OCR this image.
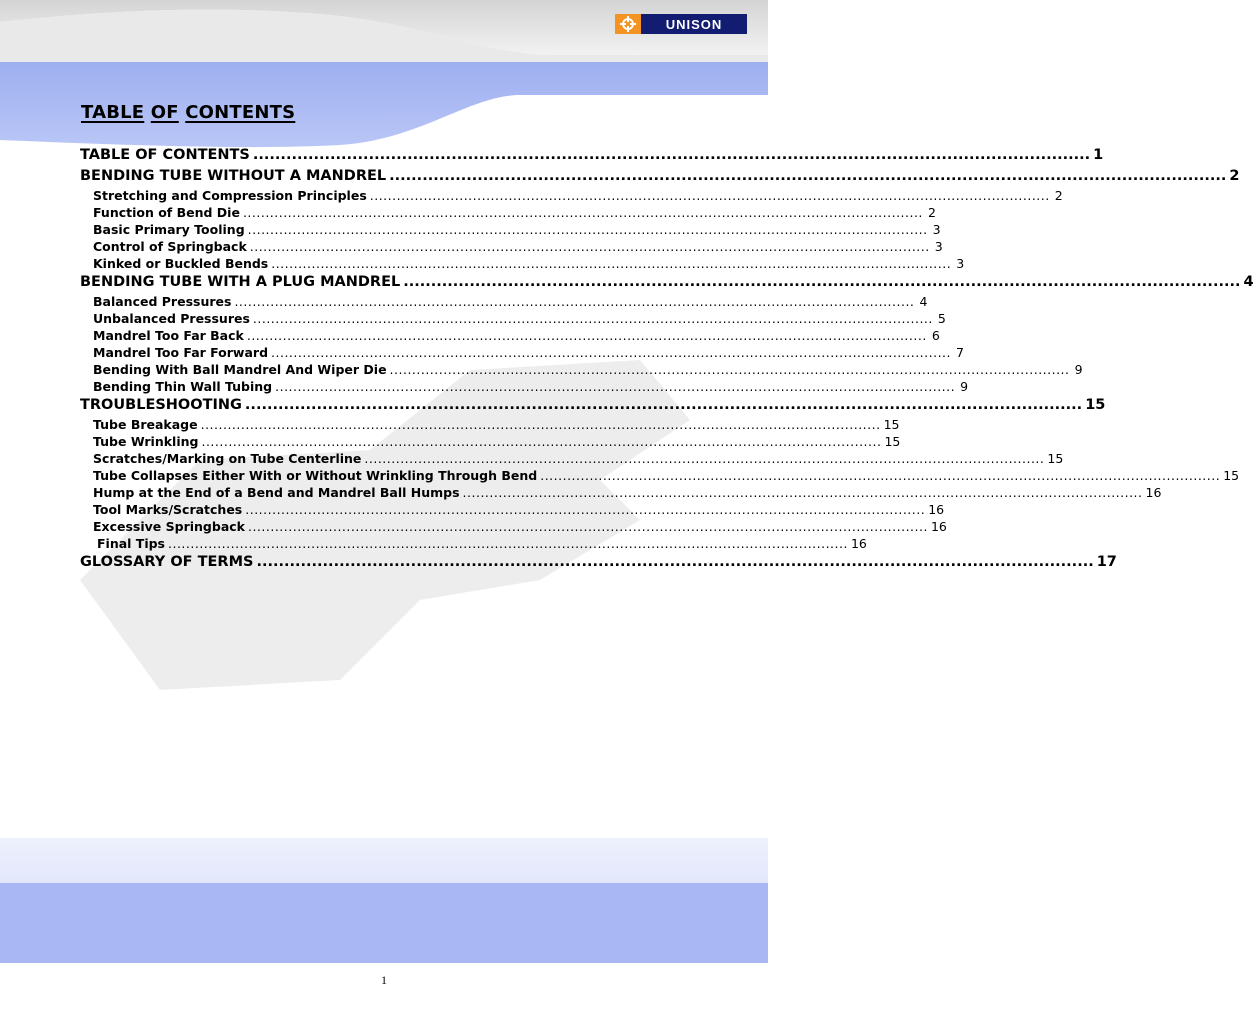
UNISON
TABLE OF CONTENTS
TABLE OF CONTENTS ........................................................................................................................................................ 1
BENDING TUBE WITHOUT A MANDREL ........................................................................................................................................................ 2
Stretching and Compression Principles ........................................................................................................................................................ 2
Function of Bend Die ........................................................................................................................................................ 2
Basic Primary Tooling ........................................................................................................................................................ 3
Control of Springback ........................................................................................................................................................ 3
Kinked or Buckled Bends ........................................................................................................................................................ 3
BENDING TUBE WITH A PLUG MANDREL ........................................................................................................................................................ 4
Balanced Pressures ........................................................................................................................................................ 4
Unbalanced Pressures ........................................................................................................................................................ 5
Mandrel Too Far Back ........................................................................................................................................................ 6
Mandrel Too Far Forward ........................................................................................................................................................ 7
Bending With Ball Mandrel And Wiper Die ........................................................................................................................................................ 9
Bending Thin Wall Tubing ........................................................................................................................................................ 9
TROUBLESHOOTING ........................................................................................................................................................ 15
Tube Breakage ........................................................................................................................................................ 15
Tube Wrinkling ........................................................................................................................................................ 15
Scratches/Marking on Tube Centerline ........................................................................................................................................................ 15
Tube Collapses Either With or Without Wrinkling Through Bend ........................................................................................................................................................ 15
Hump at the End of a Bend and Mandrel Ball Humps ........................................................................................................................................................ 16
Tool Marks/Scratches ........................................................................................................................................................ 16
Excessive Springback ........................................................................................................................................................ 16
Final Tips ........................................................................................................................................................ 16
GLOSSARY OF TERMS ........................................................................................................................................................ 17
1
